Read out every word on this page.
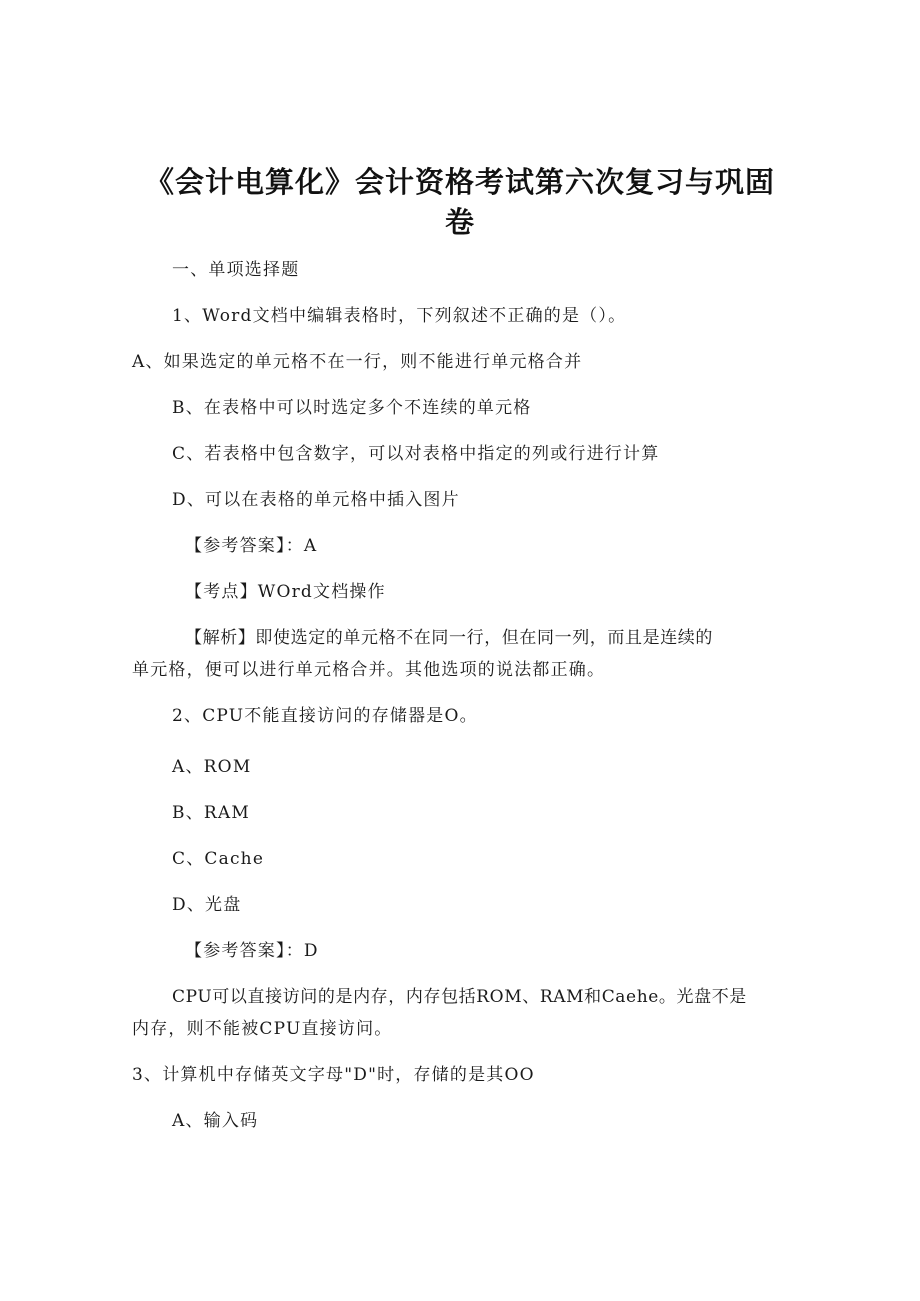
《会计电算化》会计资格考试第六次复习与巩固
卷
一、单项选择题
1、Word文档中编辑表格时，下列叙述不正确的是（）。
A、如果选定的单元格不在一行，则不能进行单元格合并
B、在表格中可以时选定多个不连续的单元格
C、若表格中包含数字，可以对表格中指定的列或行进行计算
D、可以在表格的单元格中插入图片
【参考答案】：A
【考点】WOrd文档操作
【解析】即使选定的单元格不在同一行，但在同一列，而且是连续的
单元格，便可以进行单元格合并。其他选项的说法都正确。
2、CPU不能直接访问的存储器是O。
A、ROM
B、RAM
C、Cache
D、光盘
【参考答案】：D
CPU可以直接访问的是内存，内存包括ROM、RAM和Caehe。光盘不是
内存，则不能被CPU直接访问。
3、计算机中存储英文字母"D"时，存储的是其OO
A、输入码
